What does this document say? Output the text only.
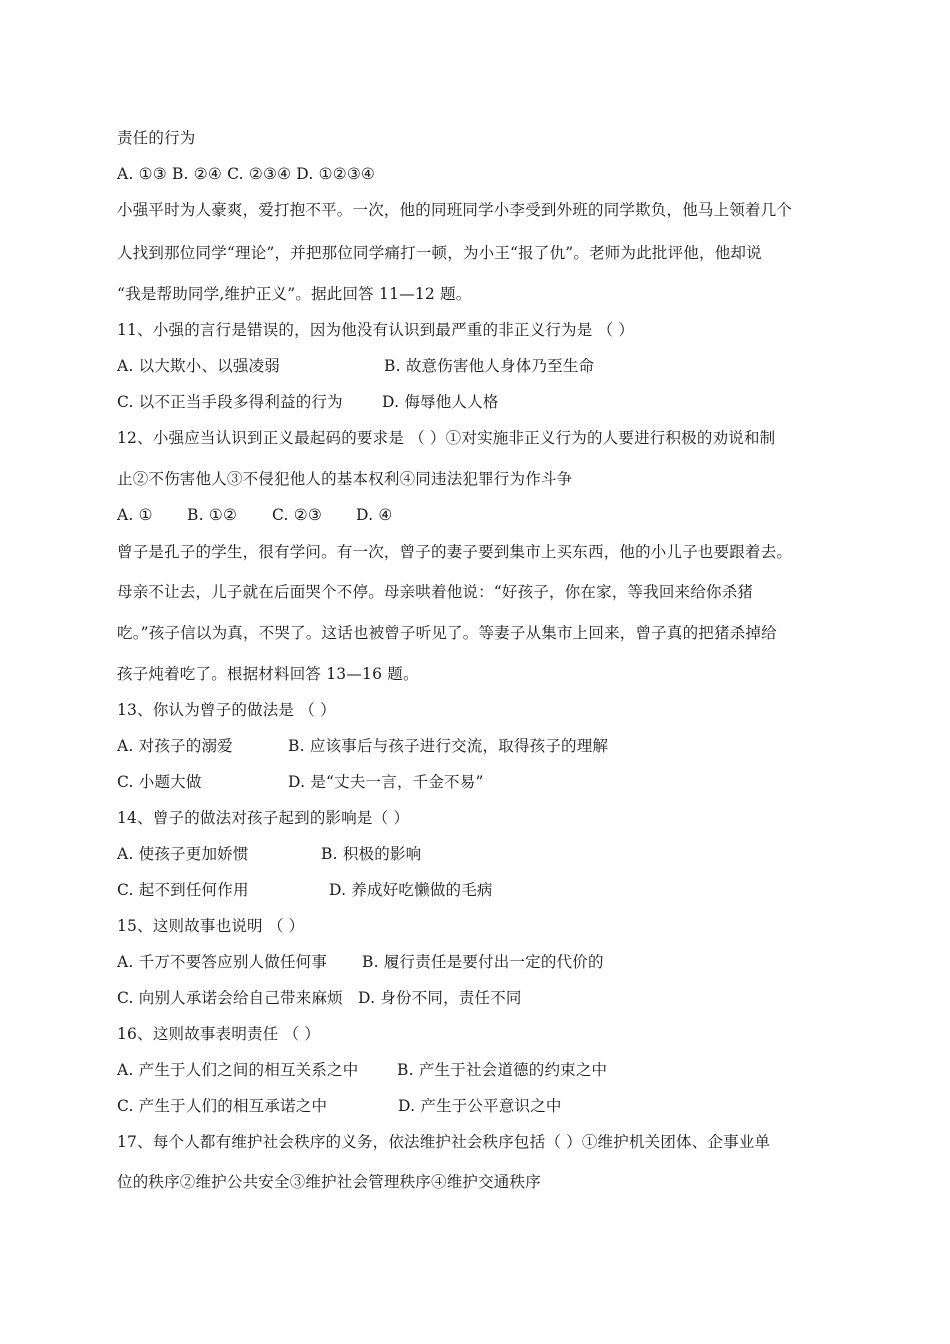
责任的行为
A. ①③ B. ②④ C. ②③④ D. ①②③④
小强平时为人豪爽，爱打抱不平。一次，他的同班同学小李受到外班的同学欺负，他马上领着几个
人找到那位同学“理论”，并把那位同学痛打一顿，为小王“报了仇”。老师为此批评他，他却说
“我是帮助同学,维护正义”。据此回答 11—12 题。
11、小强的言行是错误的，因为他没有认识到最严重的非正义行为是 （ ）
A. 以大欺小、以强凌弱	B. 故意伤害他人身体乃至生命
C. 以不正当手段多得利益的行为	D. 侮辱他人人格
12、小强应当认识到正义最起码的要求是 （ ）①对实施非正义行为的人要进行积极的劝说和制
止②不伤害他人③不侵犯他人的基本权利④同违法犯罪行为作斗争
A. ① B. ①② C. ②③ D. ④
曾子是孔子的学生，很有学问。有一次，曾子的妻子要到集市上买东西，他的小儿子也要跟着去。
母亲不让去，儿子就在后面哭个不停。母亲哄着他说：“好孩子，你在家，等我回来给你杀猪
吃。”孩子信以为真，不哭了。这话也被曾子听见了。等妻子从集市上回来，曾子真的把猪杀掉给
孩子炖着吃了。根据材料回答 13—16 题。
13、你认为曾子的做法是 （ ）
A. 对孩子的溺爱	B. 应该事后与孩子进行交流，取得孩子的理解
C. 小题大做	D. 是“丈夫一言，千金不易”
14、曾子的做法对孩子起到的影响是（ ）
A. 使孩子更加娇惯	B. 积极的影响
C. 起不到任何作用	D. 养成好吃懒做的毛病
15、这则故事也说明 （ ）
A. 千万不要答应别人做任何事 B. 履行责任是要付出一定的代价的
C. 向别人承诺会给自己带来麻烦 D. 身份不同，责任不同
16、这则故事表明责任 （ ）
A. 产生于人们之间的相互关系之中 B. 产生于社会道德的约束之中
C. 产生于人们的相互承诺之中	D. 产生于公平意识之中
17、每个人都有维护社会秩序的义务，依法维护社会秩序包括（ ）①维护机关团体、企事业单
位的秩序②维护公共安全③维护社会管理秩序④维护交通秩序
